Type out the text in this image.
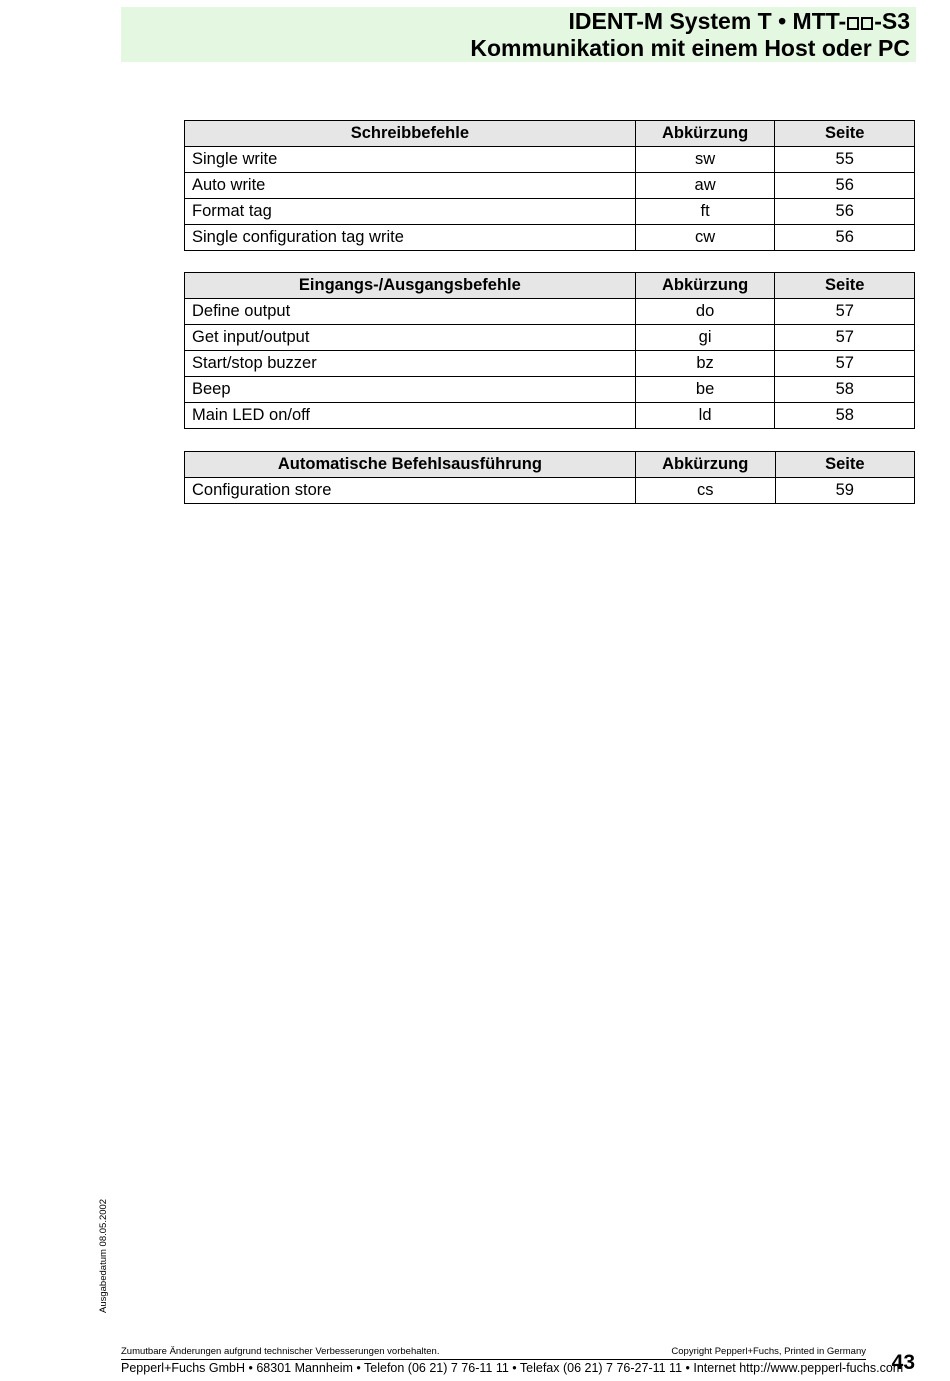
IDENT-M System T • MTT- -S3
Kommunikation mit einem Host oder PC
Schreibbefehle	Abkürzung	Seite
Single write	sw	55
Auto write	aw	56
Format tag	ft	56
Single configuration tag write	cw	56
Eingangs-/Ausgangsbefehle	Abkürzung	Seite
Define output	do	57
Get input/output	gi	57
Start/stop buzzer	bz	57
Beep	be	58
Main LED on/off	ld	58
Automatische Befehlsausführung	Abkürzung	Seite
Configuration store	cs	59
Ausgabedatum 08.05.2002
Zumutbare Änderungen aufgrund technischer Verbesserungen vorbehalten.	Copyright Pepperl+Fuchs, Printed in Germany
Pepperl+Fuchs GmbH • 68301 Mannheim • Telefon (06 21) 7 76-11 11 • Telefax (06 21) 7 76-27-11 11 • Internet http://www.pepperl-fuchs.com
43
